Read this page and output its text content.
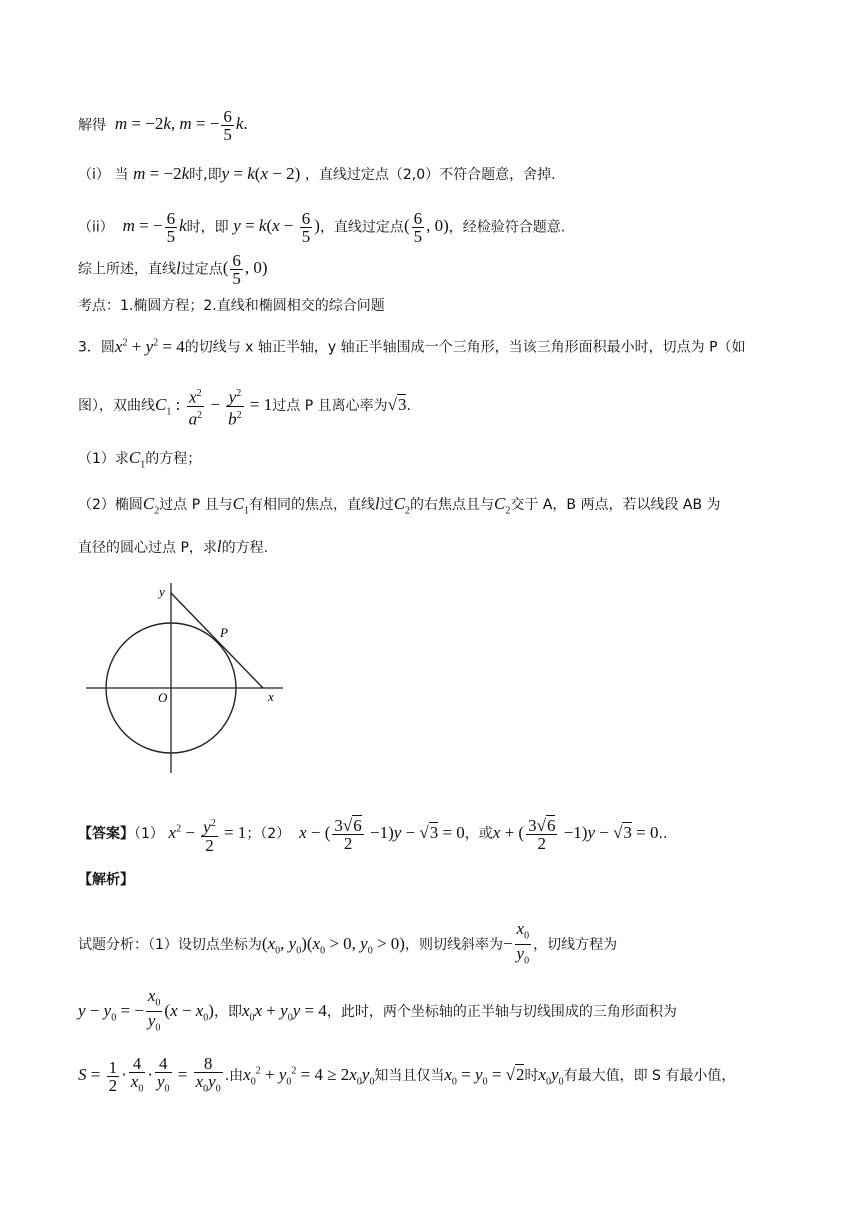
解得 m = −2k, m = − $\frac{6}{5} k$.
（i） 当 m = −2k时,即y = k(x − 2) ，直线过定点（2,0）不符合题意，舍掉.
（ii） m = − $\frac{6}{5}$ k时，即 $y = k(x - \frac{6}{5}$ )，直线过定点( $\frac{6}{5}$ , 0)，经检验符合题意.
综上所述，直线l过定点( $\frac{6}{5}$ , 0)
考点：1.椭圆方程；2.直线和椭圆相交的综合问题
3．圆$x^2 + y^2 = 4$的切线与 x 轴正半轴，y 轴正半轴围成一个三角形，当该三角形面积最小时，切点为 P（如
图），双曲线$C_1$ : $\frac{x^2}{a^2} - \frac{y^2}{b^2} = 1$过点 P 且离心率为√3.
（1）求$C_1$的方程；
（2）椭圆$C_2$过点 P 且与$C_1$有相同的焦点，直线l过$C_2$的右焦点且与$C_2$交于 A，B 两点，若以线段 AB 为
直径的圆心过点 P，求l的方程.
y
x
O
P
【答案】（1） $x^2 - \frac{y^2}{2} = 1$；（2） x − ( $\frac{3√6}{2} -1)y - √3 = 0$，或x + ( $\frac{3√6}{2} -1)y - √3 = 0$..
【解析】
试题分析：（1）设切点坐标为($x_0$, $y_0)(x_0 > 0$, $y_0 > 0$)，则切线斜率为− $\frac{x_0}{y_0}$ ，切线方程为
$y - y_0$ = − $\frac{x_0}{y_0} (x - x_0)$，即$x_0x + y_0y = 4$，此时，两个坐标轴的正半轴与切线围成的三角形面积为
$S = \frac{1}{2} \cdot \frac{4}{x_0} \cdot \frac{4}{y_0} = \frac{8}{x_0y_0}$ .由$x_0^2 + y_0^2 = 4 \ge 2x_0y_0$知当且仅当$x_0 = y_0 = √2$时$x_0y_0$有最大值，即 S 有最小值，
